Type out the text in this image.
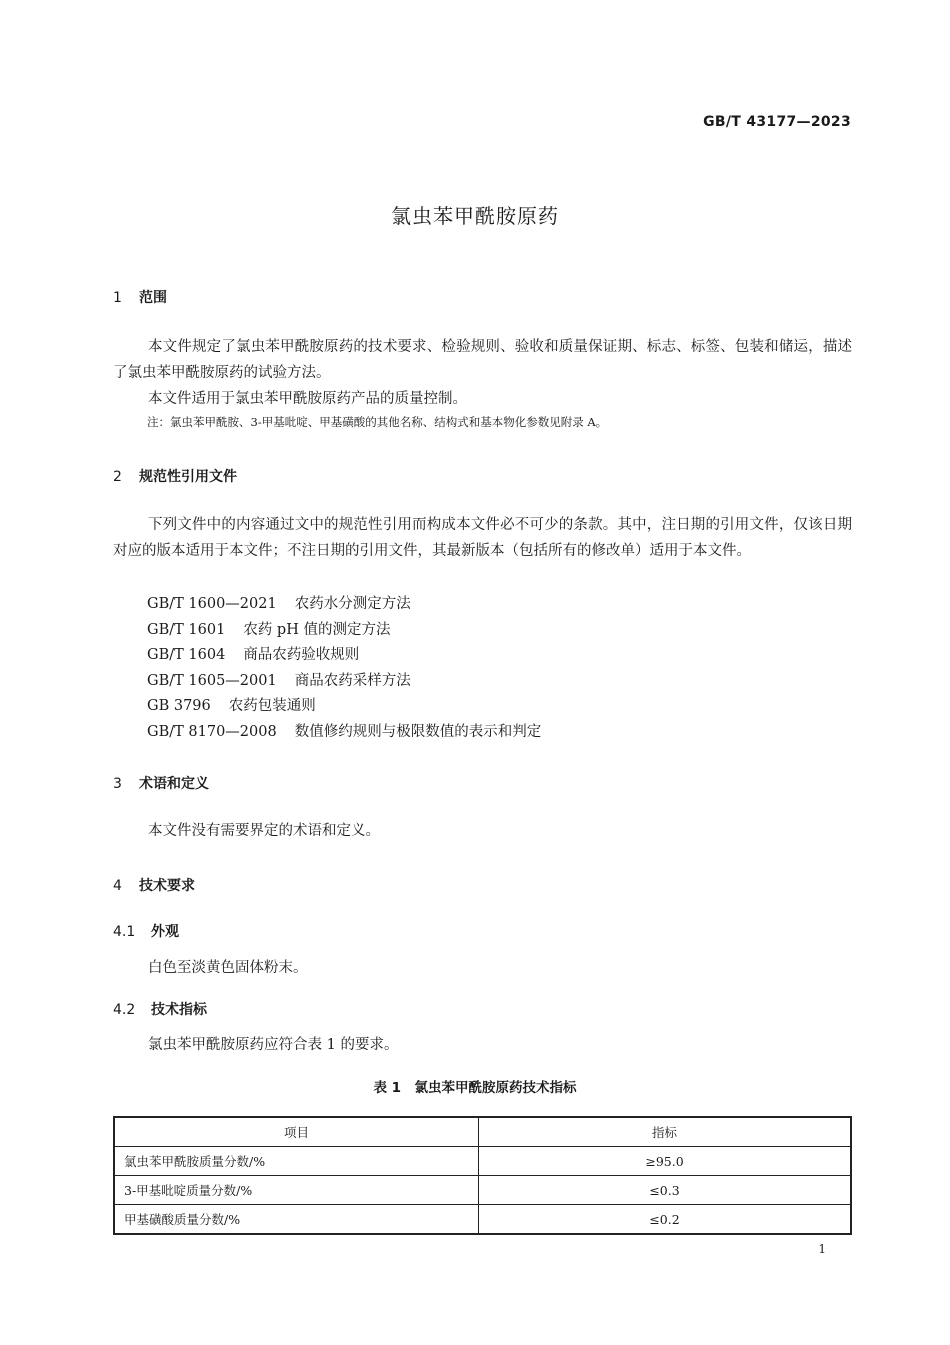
GB/T 43177—2023
氯虫苯甲酰胺原药
1 范围
本文件规定了氯虫苯甲酰胺原药的技术要求、检验规则、验收和质量保证期、标志、标签、包装和储运，描述了氯虫苯甲酰胺原药的试验方法。
本文件适用于氯虫苯甲酰胺原药产品的质量控制。
注：氯虫苯甲酰胺、3-甲基吡啶、甲基磺酸的其他名称、结构式和基本物化参数见附录 A。
2 规范性引用文件
下列文件中的内容通过文中的规范性引用而构成本文件必不可少的条款。其中，注日期的引用文件，仅该日期对应的版本适用于本文件；不注日期的引用文件，其最新版本（包括所有的修改单）适用于本文件。
GB/T 1600—2021 农药水分测定方法
GB/T 1601 农药 pH 值的测定方法
GB/T 1604 商品农药验收规则
GB/T 1605—2001 商品农药采样方法
GB 3796 农药包装通则
GB/T 8170—2008 数值修约规则与极限数值的表示和判定
3 术语和定义
本文件没有需要界定的术语和定义。
4 技术要求
4.1 外观
白色至淡黄色固体粉末。
4.2 技术指标
氯虫苯甲酰胺原药应符合表 1 的要求。
表 1　氯虫苯甲酰胺原药技术指标
项目	指标
氯虫苯甲酰胺质量分数/%	≥95.0
3-甲基吡啶质量分数/%	≤0.3
甲基磺酸质量分数/%	≤0.2
1
